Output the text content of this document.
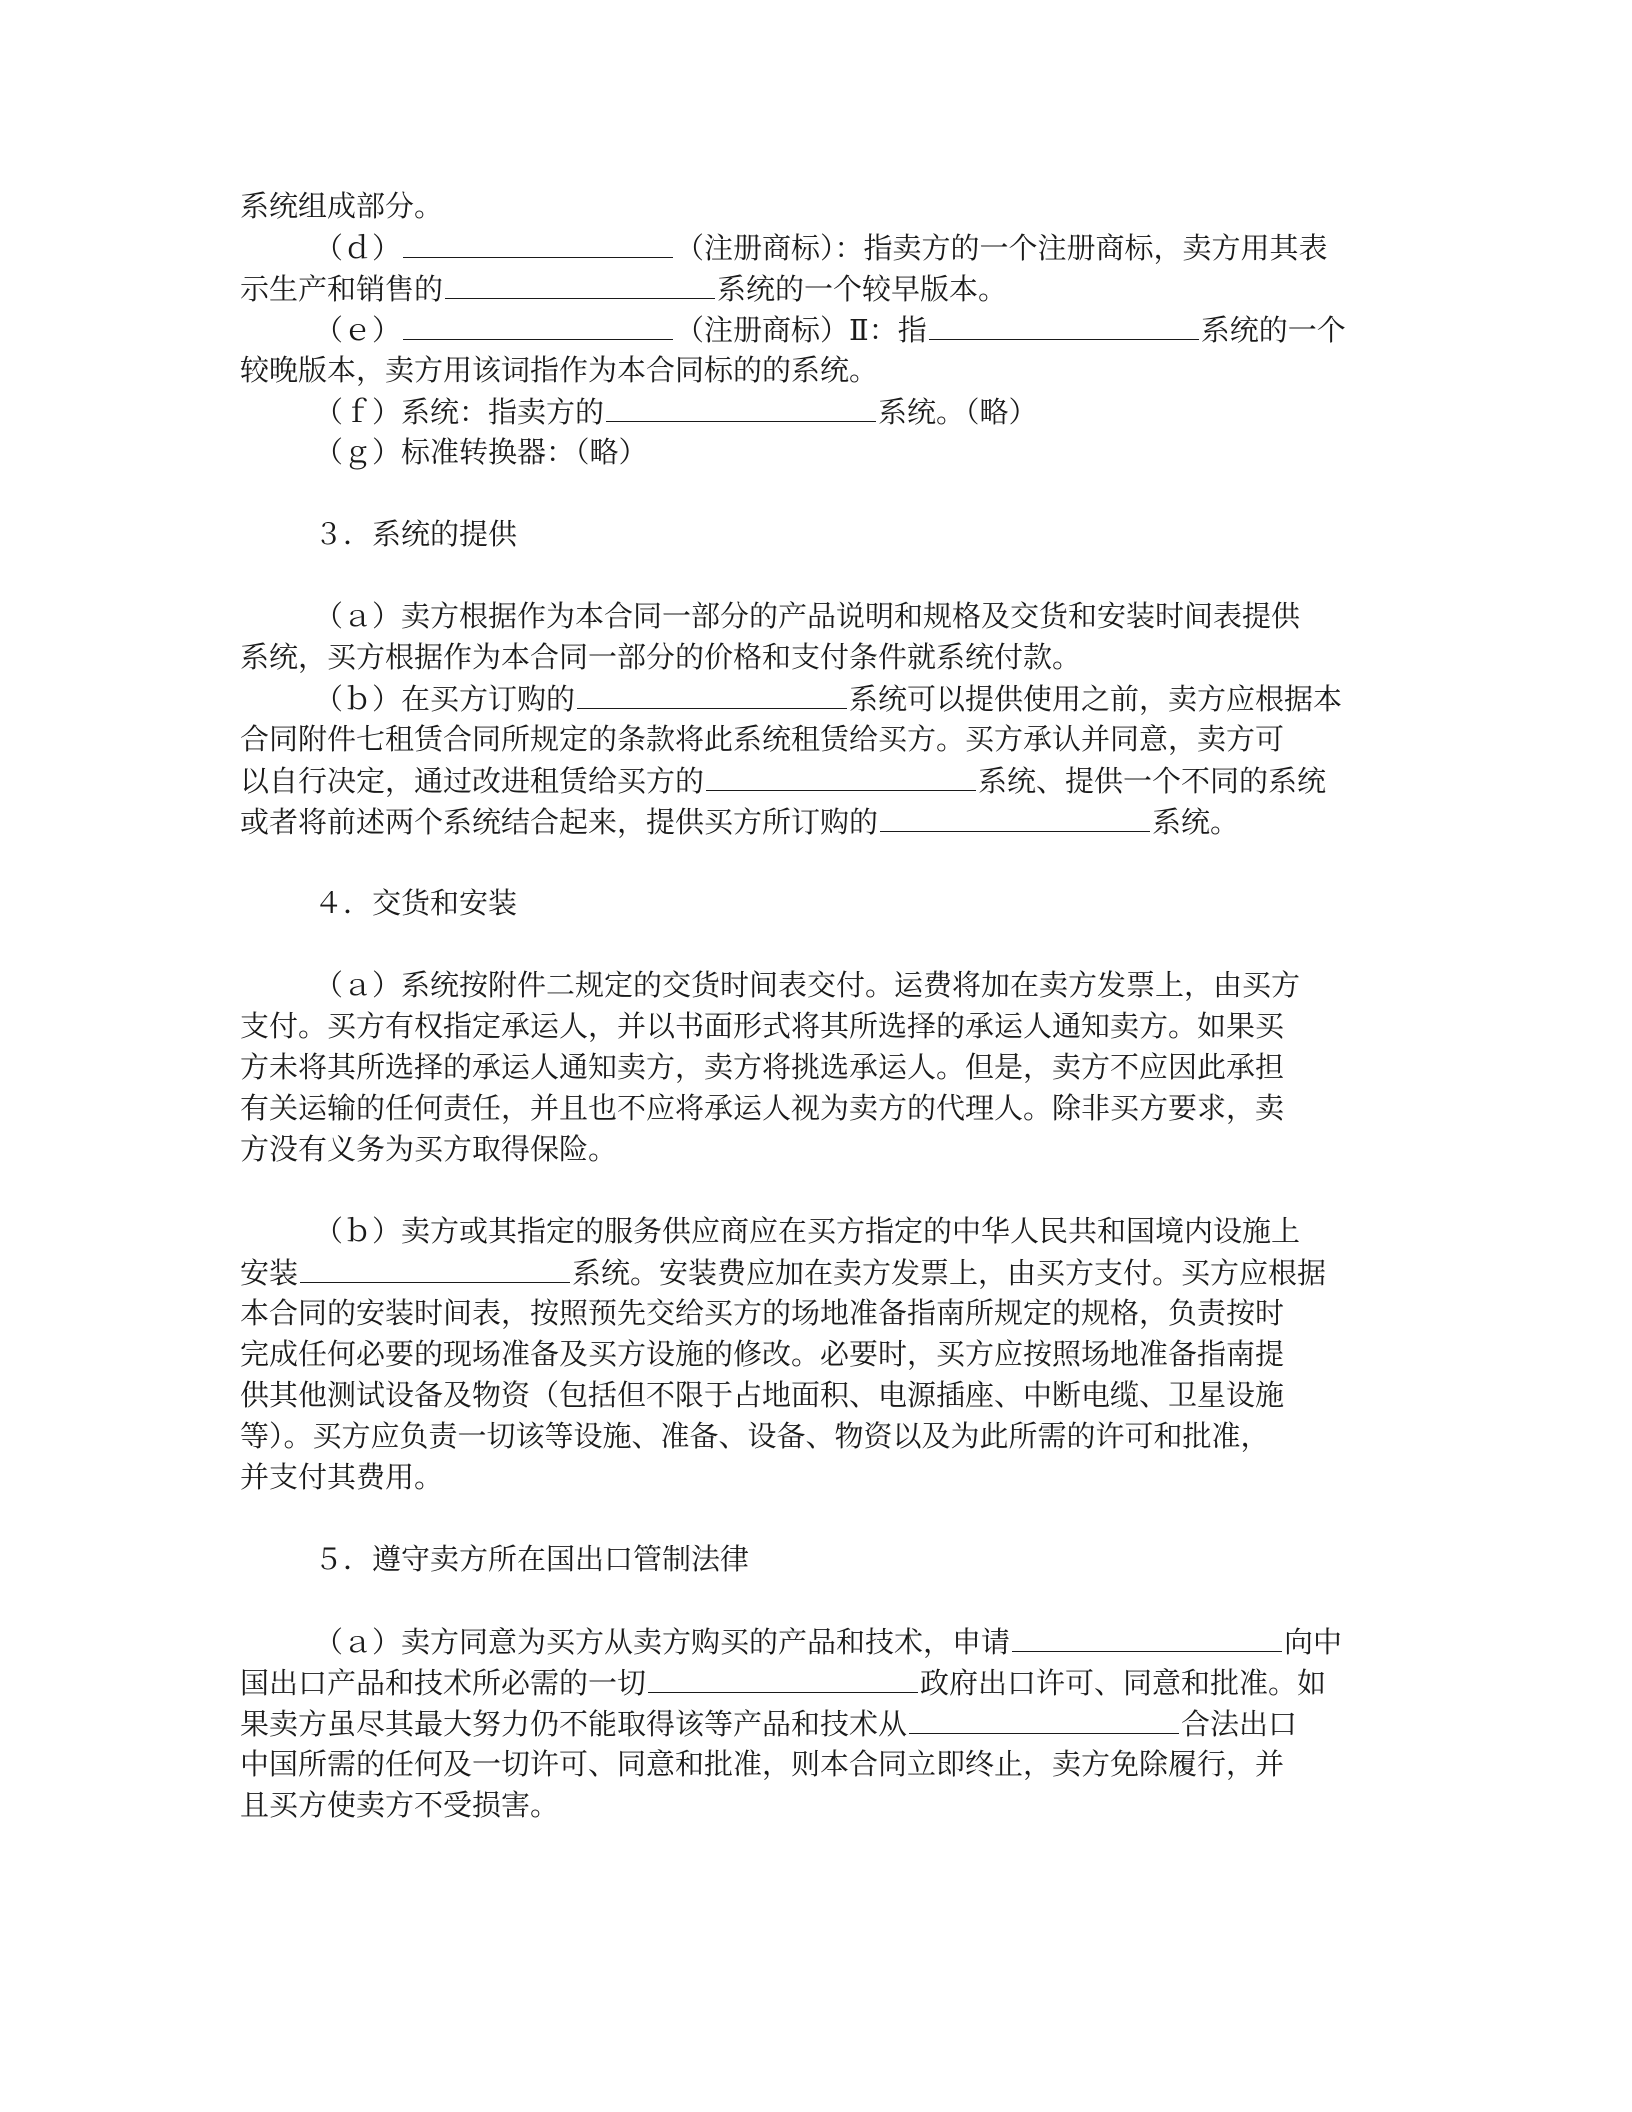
系统组成部分。
（ｄ）	（注册商标）：指卖方的一个注册商标，卖方用其表
示生产和销售的	系统的一个较早版本。
（ｅ）	（注册商标）Ⅱ：指	系统的一个
较晚版本，卖方用该词指作为本合同标的的系统。
（ｆ）系统：指卖方的	系统。（略）
（ｇ）标准转换器：（略）
３．系统的提供
（ａ）卖方根据作为本合同一部分的产品说明和规格及交货和安装时间表提供
系统，买方根据作为本合同一部分的价格和支付条件就系统付款。
（ｂ）在买方订购的	系统可以提供使用之前，卖方应根据本
合同附件七租赁合同所规定的条款将此系统租赁给买方。买方承认并同意，卖方可
以自行决定，通过改进租赁给买方的	系统、提供一个不同的系统
或者将前述两个系统结合起来，提供买方所订购的	系统。
４．交货和安装
（ａ）系统按附件二规定的交货时间表交付。运费将加在卖方发票上，由买方
支付。买方有权指定承运人，并以书面形式将其所选择的承运人通知卖方。如果买
方未将其所选择的承运人通知卖方，卖方将挑选承运人。但是，卖方不应因此承担
有关运输的任何责任，并且也不应将承运人视为卖方的代理人。除非买方要求，卖
方没有义务为买方取得保险。
（ｂ）卖方或其指定的服务供应商应在买方指定的中华人民共和国境内设施上
安装	系统。安装费应加在卖方发票上，由买方支付。买方应根据
本合同的安装时间表，按照预先交给买方的场地准备指南所规定的规格，负责按时
完成任何必要的现场准备及买方设施的修改。必要时，买方应按照场地准备指南提
供其他测试设备及物资（包括但不限于占地面积、电源插座、中断电缆、卫星设施
等）。买方应负责一切该等设施、准备、设备、物资以及为此所需的许可和批准，
并支付其费用。
５．遵守卖方所在国出口管制法律
（ａ）卖方同意为买方从卖方购买的产品和技术，申请	向中
国出口产品和技术所必需的一切	政府出口许可、同意和批准。如
果卖方虽尽其最大努力仍不能取得该等产品和技术从	合法出口
中国所需的任何及一切许可、同意和批准，则本合同立即终止，卖方免除履行，并
且买方使卖方不受损害。
